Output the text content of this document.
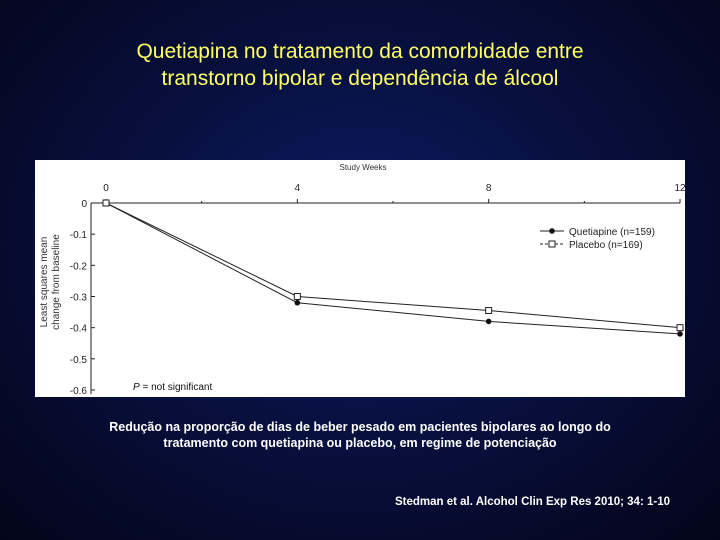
Quetiapina no tratamento da comorbidade entre
transtorno bipolar e dependência de álcool
Study Weeks
Least squares mean change from baseline
P = not significant
0	4	8	12
0
-0.1
-0.2
-0.3
-0.4
-0.5
-0.6
Quetiapine (n=159)
Placebo (n=169)
Redução na proporção de dias de beber pesado em pacientes bipolares ao longo do
tratamento com quetiapina ou placebo, em regime de potenciação
Stedman et al. Alcohol Clin Exp Res 2010; 34: 1-10
